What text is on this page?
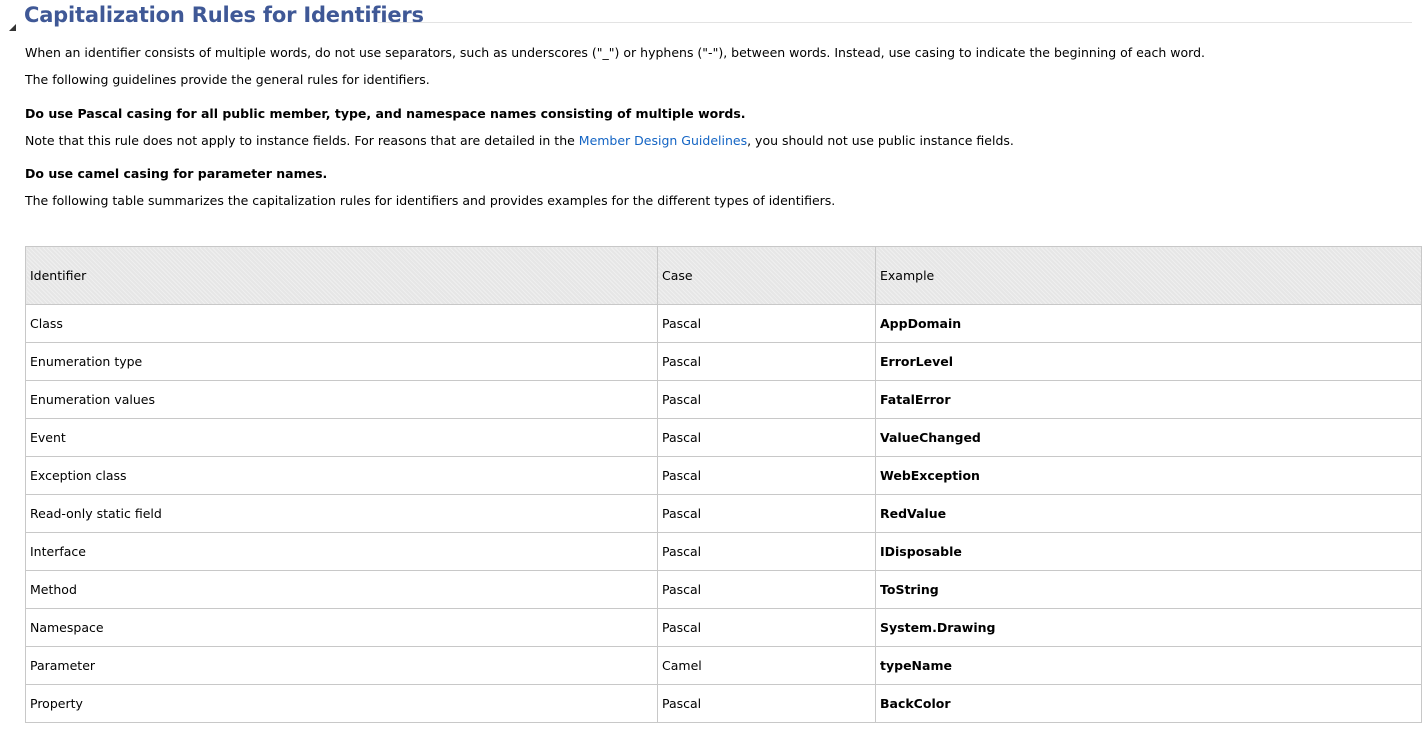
Capitalization Rules for Identifiers

When an identifier consists of multiple words, do not use separators, such as underscores ("_") or hyphens ("-"), between words. Instead, use casing to indicate the beginning of each word.

The following guidelines provide the general rules for identifiers.

Do use Pascal casing for all public member, type, and namespace names consisting of multiple words.

Note that this rule does not apply to instance fields. For reasons that are detailed in the Member Design Guidelines, you should not use public instance fields.

Do use camel casing for parameter names.

The following table summarizes the capitalization rules for identifiers and provides examples for the different types of identifiers.

Identifier	Case	Example
Class	Pascal	AppDomain
Enumeration type	Pascal	ErrorLevel
Enumeration values	Pascal	FatalError
Event	Pascal	ValueChanged
Exception class	Pascal	WebException
Read-only static field	Pascal	RedValue
Interface	Pascal	IDisposable
Method	Pascal	ToString
Namespace	Pascal	System.Drawing
Parameter	Camel	typeName
Property	Pascal	BackColor
